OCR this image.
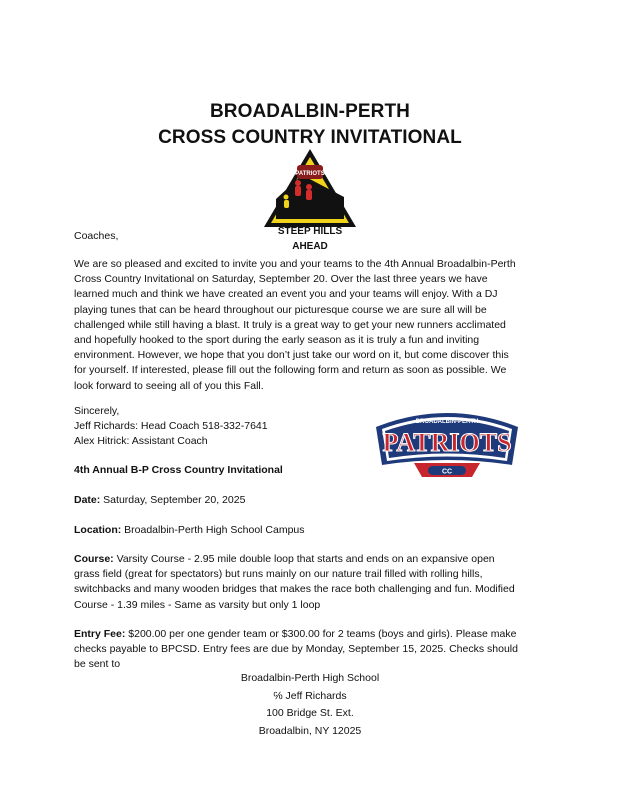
BROADALBIN-PERTH
CROSS COUNTRY INVITATIONAL
PATRIOTS
STEEP HILLS
AHEAD
Coaches,
We are so pleased and excited to invite you and your teams to the 4th Annual Broadalbin-Perth
Cross Country Invitational on Saturday, September 20. Over the last three years we have
learned much and think we have created an event you and your teams will enjoy. With a DJ
playing tunes that can be heard throughout our picturesque course we are sure all will be
challenged while still having a blast. It truly is a great way to get your new runners acclimated
and hopefully hooked to the sport during the early season as it is truly a fun and inviting
environment. However, we hope that you don’t just take our word on it, but come discover this
for yourself. If interested, please fill out the following form and return as soon as possible. We
look forward to seeing all of you this Fall.
Sincerely,
Jeff Richards: Head Coach 518-332-7641
Alex Hitrick: Assistant Coach
BROADALBIN-PERTH
PATRIOTS
CC
4th Annual B-P Cross Country Invitational
Date: Saturday, September 20, 2025
Location: Broadalbin-Perth High School Campus
Course: Varsity Course - 2.95 mile double loop that starts and ends on an expansive open
grass field (great for spectators) but runs mainly on our nature trail filled with rolling hills,
switchbacks and many wooden bridges that makes the race both challenging and fun. Modified
Course - 1.39 miles - Same as varsity but only 1 loop
Entry Fee: $200.00 per one gender team or $300.00 for 2 teams (boys and girls). Please make
checks payable to BPCSD. Entry fees are due by Monday, September 15, 2025. Checks should
be sent to
Broadalbin-Perth High School
℅ Jeff Richards
100 Bridge St. Ext.
Broadalbin, NY 12025
